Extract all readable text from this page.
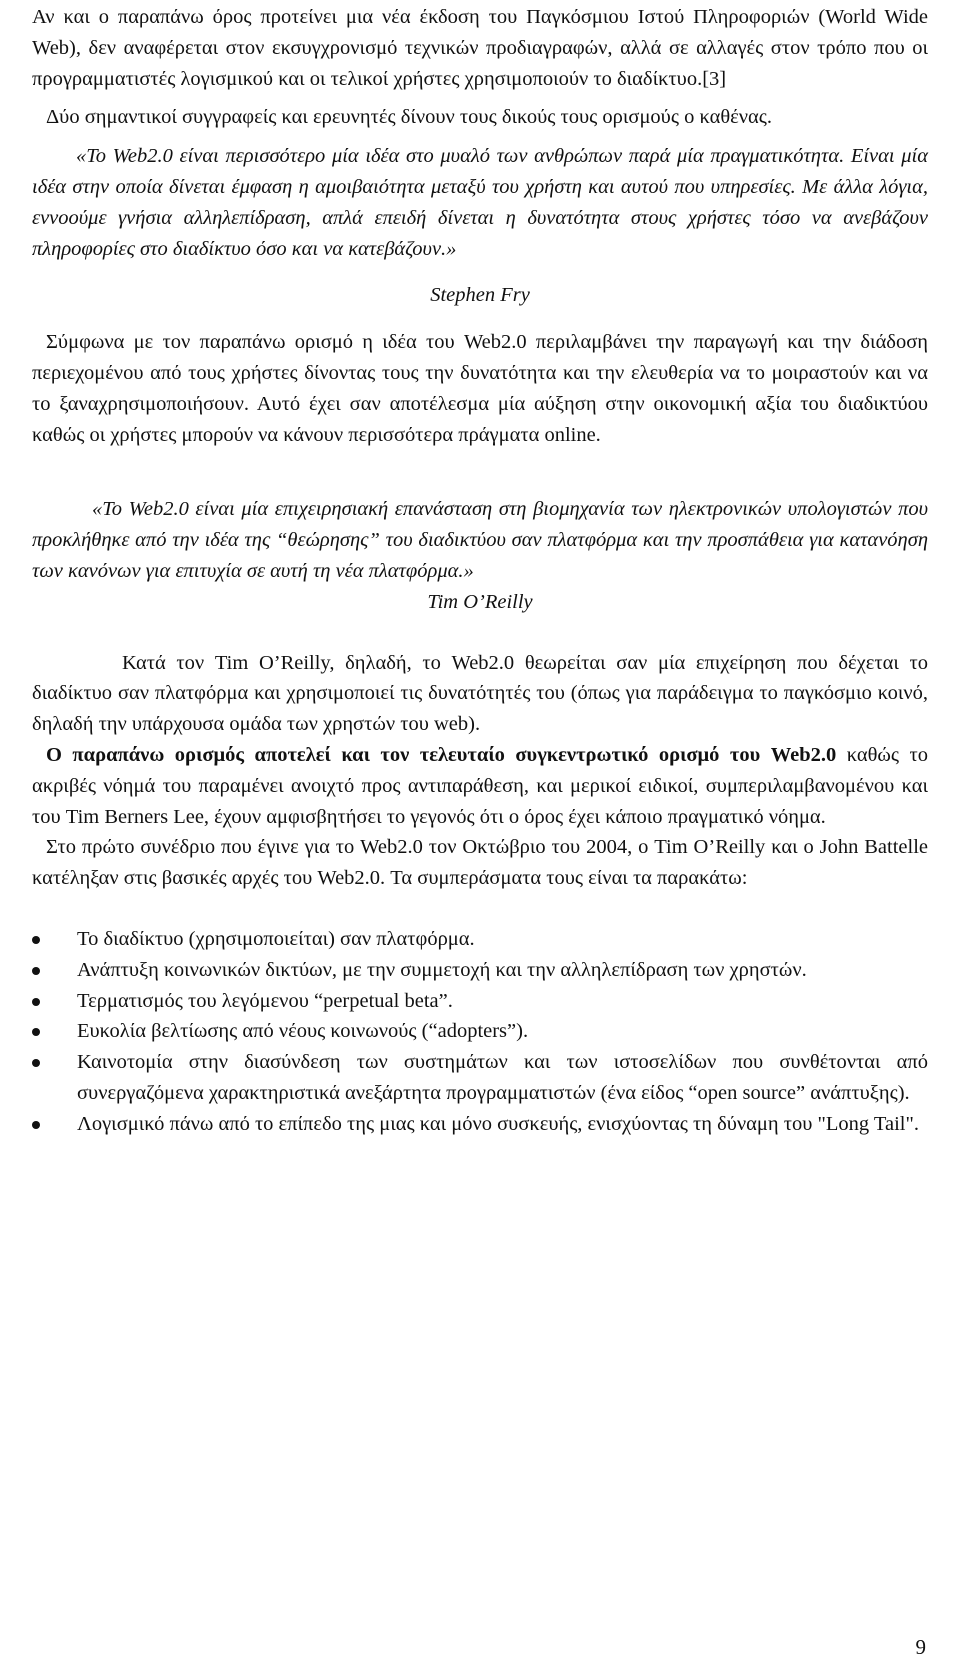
Αν και ο παραπάνω όρος προτείνει μια νέα έκδοση του Παγκόσμιου Ιστού Πληροφοριών (World Wide Web), δεν αναφέρεται στον εκσυγχρονισμό τεχνικών προδιαγραφών, αλλά σε αλλαγές στον τρόπο που οι προγραμματιστές λογισμικού και οι τελικοί χρήστες χρησιμοποιούν το διαδίκτυο.[3]

Δύο σημαντικοί συγγραφείς και ερευνητές δίνουν τους δικούς τους ορισμούς ο καθένας.

«Το Web2.0 είναι περισσότερο μία ιδέα στο μυαλό των ανθρώπων παρά μία πραγματικότητα. Είναι μία ιδέα στην οποία δίνεται έμφαση η αμοιβαιότητα μεταξύ του χρήστη και αυτού που υπηρεσίες. Με άλλα λόγια, εννοούμε γνήσια αλληλεπίδραση, απλά επειδή δίνεται η δυνατότητα στους χρήστες τόσο να ανεβάζουν πληροφορίες στο διαδίκτυο όσο και να κατεβάζουν.»

Stephen Fry

Σύμφωνα με τον παραπάνω ορισμό η ιδέα του Web2.0 περιλαμβάνει την παραγωγή και την διάδοση περιεχομένου από τους χρήστες δίνοντας τους την δυνατότητα και την ελευθερία να το μοιραστούν και να το ξαναχρησιμοποιήσουν. Αυτό έχει σαν αποτέλεσμα μία αύξηση στην οικονομική αξία του διαδικτύου καθώς οι χρήστες μπορούν να κάνουν περισσότερα πράγματα online.

«Το Web2.0 είναι μία επιχειρησιακή επανάσταση στη βιομηχανία των ηλεκτρονικών υπολογιστών που προκλήθηκε από την ιδέα της “θεώρησης” του διαδικτύου σαν πλατφόρμα και την προσπάθεια για κατανόηση των κανόνων για επιτυχία σε αυτή τη νέα πλατφόρμα.»

Tim O’Reilly

Κατά τον Tim O’Reilly, δηλαδή, το Web2.0 θεωρείται σαν μία επιχείρηση που δέχεται το διαδίκτυο σαν πλατφόρμα και χρησιμοποιεί τις δυνατότητές του (όπως για παράδειγμα το παγκόσμιο κοινό, δηλαδή την υπάρχουσα ομάδα των χρηστών του web).

Ο παραπάνω ορισμός αποτελεί και τον τελευταίο συγκεντρωτικό ορισμό του Web2.0 καθώς το ακριβές νόημά του παραμένει ανοιχτό προς αντιπαράθεση, και μερικοί ειδικοί, συμπεριλαμβανομένου και του Tim Berners Lee, έχουν αμφισβητήσει το γεγονός ότι ο όρος έχει κάποιο πραγματικό νόημα.

Στο πρώτο συνέδριο που έγινε για το Web2.0 τον Οκτώβριο του 2004, ο Tim O’Reilly και ο John Battelle κατέληξαν στις βασικές αρχές του Web2.0. Τα συμπεράσματα τους είναι τα παρακάτω:

Το διαδίκτυο (χρησιμοποιείται) σαν πλατφόρμα.
Ανάπτυξη κοινωνικών δικτύων, με την συμμετοχή και την αλληλεπίδραση των χρηστών.
Τερματισμός του λεγόμενου “perpetual beta”.
Ευκολία βελτίωσης από νέους κοινωνούς (“adopters”).
Καινοτομία στην διασύνδεση των συστημάτων και των ιστοσελίδων που συνθέτονται από συνεργαζόμενα χαρακτηριστικά ανεξάρτητα προγραμματιστών (ένα είδος “open source” ανάπτυξης).
Λογισμικό πάνω από το επίπεδο της μιας και μόνο συσκευής, ενισχύοντας τη δύναμη του "Long Tail".
9
